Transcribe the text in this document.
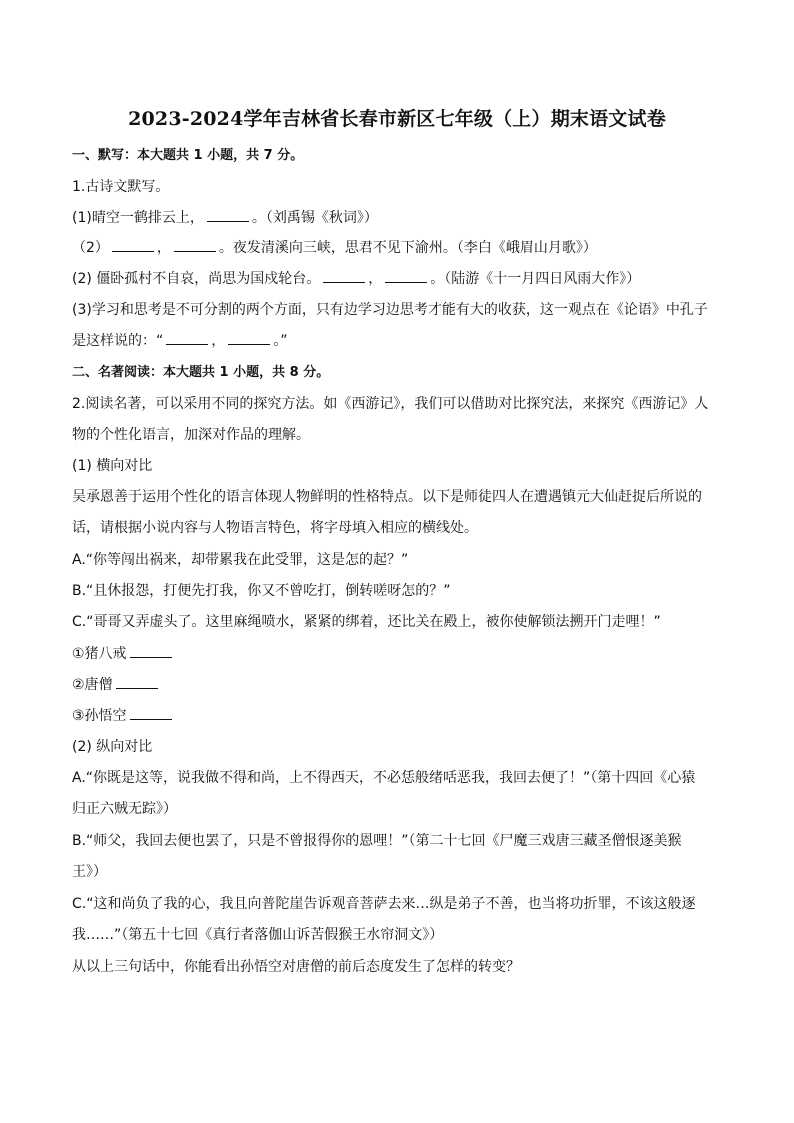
2023-2024学年吉林省长春市新区七年级（上）期末语文试卷
一、默写：本大题共 1 小题，共 7 分。
1.古诗文默写。
(1)晴空一鹤排云上，	。（刘禹锡《秋词》）
（2）	，	。夜发清溪向三峡，思君不见下渝州。（李白《峨眉山月歌》）
(2) 僵卧孤村不自哀，尚思为国戍轮台。	，	。（陆游《十一月四日风雨大作》）
(3)学习和思考是不可分割的两个方面，只有边学习边思考才能有大的收获，这一观点在《论语》中孔子
是这样说的：“	，	。”
二、名著阅读：本大题共 1 小题，共 8 分。
2.阅读名著，可以采用不同的探究方法。如《西游记》，我们可以借助对比探究法，来探究《西游记》人
物的个性化语言，加深对作品的理解。
(1) 横向对比
吴承恩善于运用个性化的语言体现人物鲜明的性格特点。以下是师徒四人在遭遇镇元大仙赶捉后所说的
话，请根据小说内容与人物语言特色，将字母填入相应的横线处。
A.“你等闯出祸来，却带累我在此受罪，这是怎的起？”
B.“且休报怨，打便先打我，你又不曾吃打，倒转嗟呀怎的？”
C.“哥哥又弄虚头了。这里麻绳喷水，紧紧的绑着，还比关在殿上，被你使解锁法搠开门走哩！”
①猪八戒
②唐僧
③孙悟空
(2) 纵向对比
A.“你既是这等，说我做不得和尚，上不得西天，不必恁般绪咶恶我，我回去便了！”（第十四回《心猿
归正六贼无踪》）
B.“师父，我回去便也罢了，只是不曾报得你的恩哩！”（第二十七回《尸魔三戏唐三藏圣僧恨逐美猴
王》）
C.“这和尚负了我的心，我且向普陀崖告诉观音菩萨去来…纵是弟子不善，也当将功折罪，不该这般逐
我……”（第五十七回《真行者落伽山诉苦假猴王水帘洞文》）
从以上三句话中，你能看出孙悟空对唐僧的前后态度发生了怎样的转变？
